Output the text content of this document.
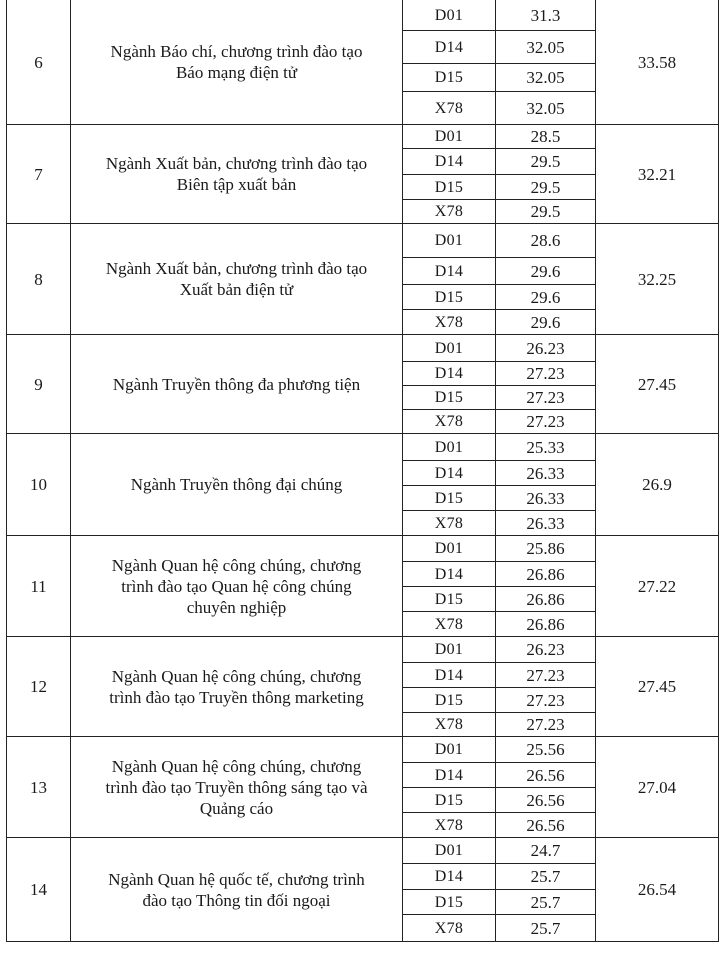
6	Ngành Báo chí, chương trình đào tạo
Báo mạng điện tử	D01	31.3	33.58
		D14	32.05	
		D15	32.05	
		X78	32.05	
7	Ngành Xuất bản, chương trình đào tạo
Biên tập xuất bản	D01	28.5	32.21
		D14	29.5	
		D15	29.5	
		X78	29.5	
8	Ngành Xuất bản, chương trình đào tạo
Xuất bản điện tử	D01	28.6	32.25
		D14	29.6	
		D15	29.6	
		X78	29.6	
9	Ngành Truyền thông đa phương tiện	D01	26.23	27.45
		D14	27.23	
		D15	27.23	
		X78	27.23	
10	Ngành Truyền thông đại chúng	D01	25.33	26.9
		D14	26.33	
		D15	26.33	
		X78	26.33	
11	Ngành Quan hệ công chúng, chương
trình đào tạo Quan hệ công chúng
chuyên nghiệp	D01	25.86	27.22
		D14	26.86	
		D15	26.86	
		X78	26.86	
12	Ngành Quan hệ công chúng, chương
trình đào tạo Truyền thông marketing	D01	26.23	27.45
		D14	27.23	
		D15	27.23	
		X78	27.23	
13	Ngành Quan hệ công chúng, chương
trình đào tạo Truyền thông sáng tạo và
Quảng cáo	D01	25.56	27.04
		D14	26.56	
		D15	26.56	
		X78	26.56	
14	Ngành Quan hệ quốc tế, chương trình
đào tạo Thông tin đối ngoại	D01	24.7	26.54
		D14	25.7	
		D15	25.7	
		X78	25.7	
